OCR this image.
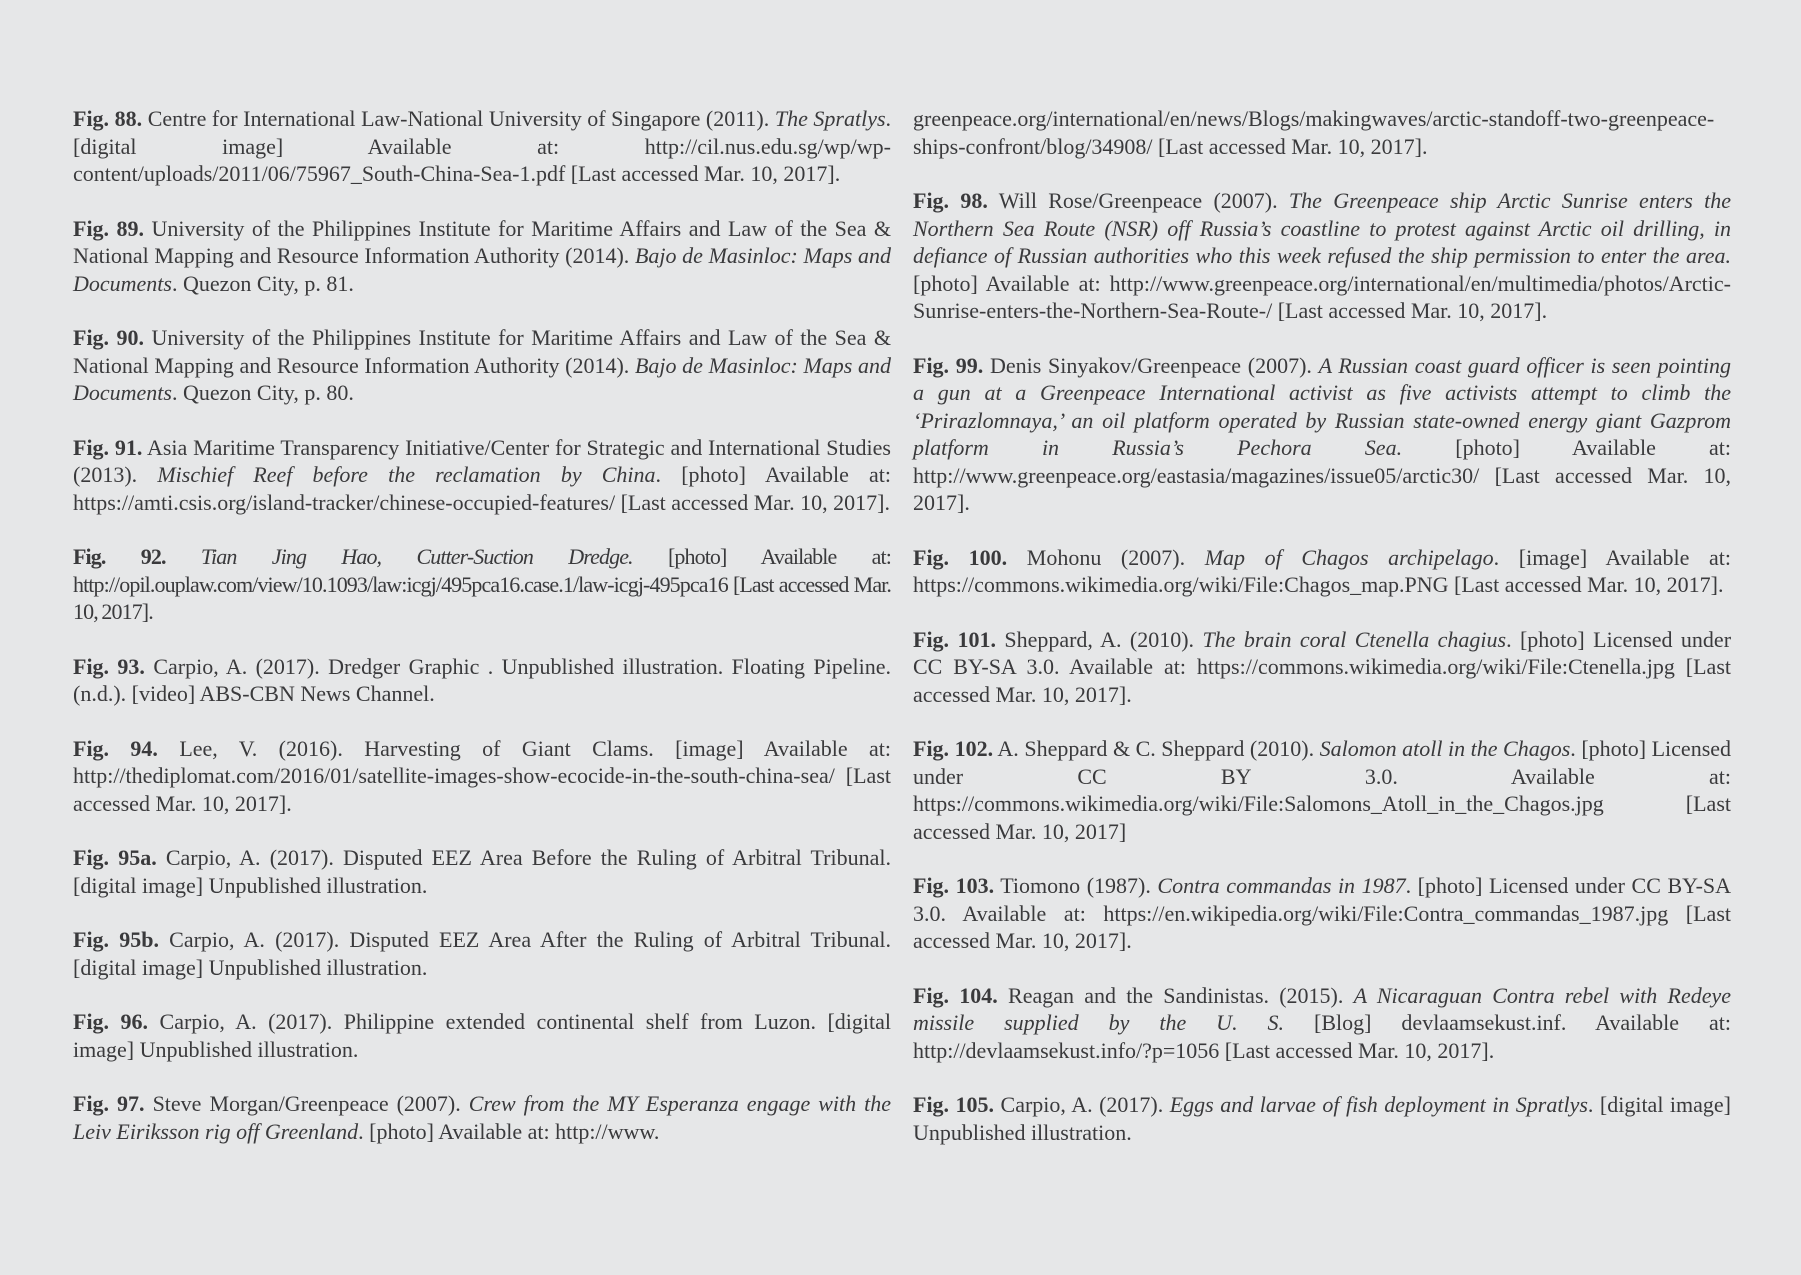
Fig. 88. Centre for International Law-National University of Singapore (2011). The Spratlys. [digital image] Available at: http://cil.nus.edu.sg/wp/wp-content/uploads/2011/06/75967_South-China-Sea-1.pdf [Last accessed Mar. 10, 2017].

Fig. 89. University of the Philippines Institute for Maritime Affairs and Law of the Sea & National Mapping and Resource Information Authority (2014). Bajo de Masinloc: Maps and Documents. Quezon City, p. 81.

Fig. 90. University of the Philippines Institute for Maritime Affairs and Law of the Sea & National Mapping and Resource Information Authority (2014). Bajo de Masinloc: Maps and Documents. Quezon City, p. 80.

Fig. 91. Asia Maritime Transparency Initiative/Center for Strategic and International Studies (2013). Mischief Reef before the reclamation by China. [photo] Available at: https://amti.csis.org/island-tracker/chinese-occupied-features/ [Last accessed Mar. 10, 2017].

Fig. 92. Tian Jing Hao, Cutter-Suction Dredge. [photo] Available at: http://opil.ouplaw.com/view/10.1093/law:icgj/495pca16.case.1/law-icgj-495pca16 [Last accessed Mar. 10, 2017].

Fig. 93. Carpio, A. (2017). Dredger Graphic . Unpublished illustration. Floating Pipeline. (n.d.). [video] ABS-CBN News Channel.

Fig. 94. Lee, V. (2016). Harvesting of Giant Clams. [image] Available at: http://thediplomat.com/2016/01/satellite-images-show-ecocide-in-the-south-china-sea/ [Last accessed Mar. 10, 2017].

Fig. 95a. Carpio, A. (2017). Disputed EEZ Area Before the Ruling of Arbitral Tribunal. [digital image] Unpublished illustration.

Fig. 95b. Carpio, A. (2017). Disputed EEZ Area After the Ruling of Arbitral Tribunal. [digital image] Unpublished illustration.

Fig. 96. Carpio, A. (2017). Philippine extended continental shelf from Luzon. [digital image] Unpublished illustration.

Fig. 97. Steve Morgan/Greenpeace (2007). Crew from the MY Esperanza engage with the Leiv Eiriksson rig off Greenland. [photo] Available at: http://www.

greenpeace.org/international/en/news/Blogs/makingwaves/arctic-standoff-two-greenpeace-ships-confront/blog/34908/ [Last accessed Mar. 10, 2017].

Fig. 98. Will Rose/Greenpeace (2007). The Greenpeace ship Arctic Sunrise enters the Northern Sea Route (NSR) off Russia’s coastline to protest against Arctic oil drilling, in defiance of Russian authorities who this week refused the ship permission to enter the area. [photo] Available at: http://www.greenpeace.org/international/en/multimedia/photos/Arctic-Sunrise-enters-the-Northern-Sea-Route-/ [Last accessed Mar. 10, 2017].

Fig. 99. Denis Sinyakov/Greenpeace (2007). A Russian coast guard officer is seen pointing a gun at a Greenpeace International activist as five activists attempt to climb the ‘Prirazlomnaya,’ an oil platform operated by Russian state-owned energy giant Gazprom platform in Russia’s Pechora Sea. [photo] Available at: http://www.greenpeace.org/eastasia/magazines/issue05/arctic30/ [Last accessed Mar. 10, 2017].

Fig. 100. Mohonu (2007). Map of Chagos archipelago. [image] Available at: https://commons.wikimedia.org/wiki/File:Chagos_map.PNG [Last accessed Mar. 10, 2017].

Fig. 101. Sheppard, A. (2010). The brain coral Ctenella chagius. [photo] Licensed under CC BY-SA 3.0. Available at: https://commons.wikimedia.org/wiki/File:Ctenella.jpg [Last accessed Mar. 10, 2017].

Fig. 102. A. Sheppard & C. Sheppard (2010). Salomon atoll in the Chagos. [photo] Licensed under CC BY 3.0. Available at: https://commons.wikimedia.org/wiki/File:Salomons_Atoll_in_the_Chagos.jpg [Last accessed Mar. 10, 2017]

Fig. 103. Tiomono (1987). Contra commandas in 1987. [photo] Licensed under CC BY-SA 3.0. Available at: https://en.wikipedia.org/wiki/File:Contra_commandas_1987.jpg [Last accessed Mar. 10, 2017].

Fig. 104. Reagan and the Sandinistas. (2015). A Nicaraguan Contra rebel with Redeye missile supplied by the U. S. [Blog] devlaamsekust.inf. Available at: http://devlaamsekust.info/?p=1056 [Last accessed Mar. 10, 2017].

Fig. 105. Carpio, A. (2017). Eggs and larvae of fish deployment in Spratlys. [digital image] Unpublished illustration.
